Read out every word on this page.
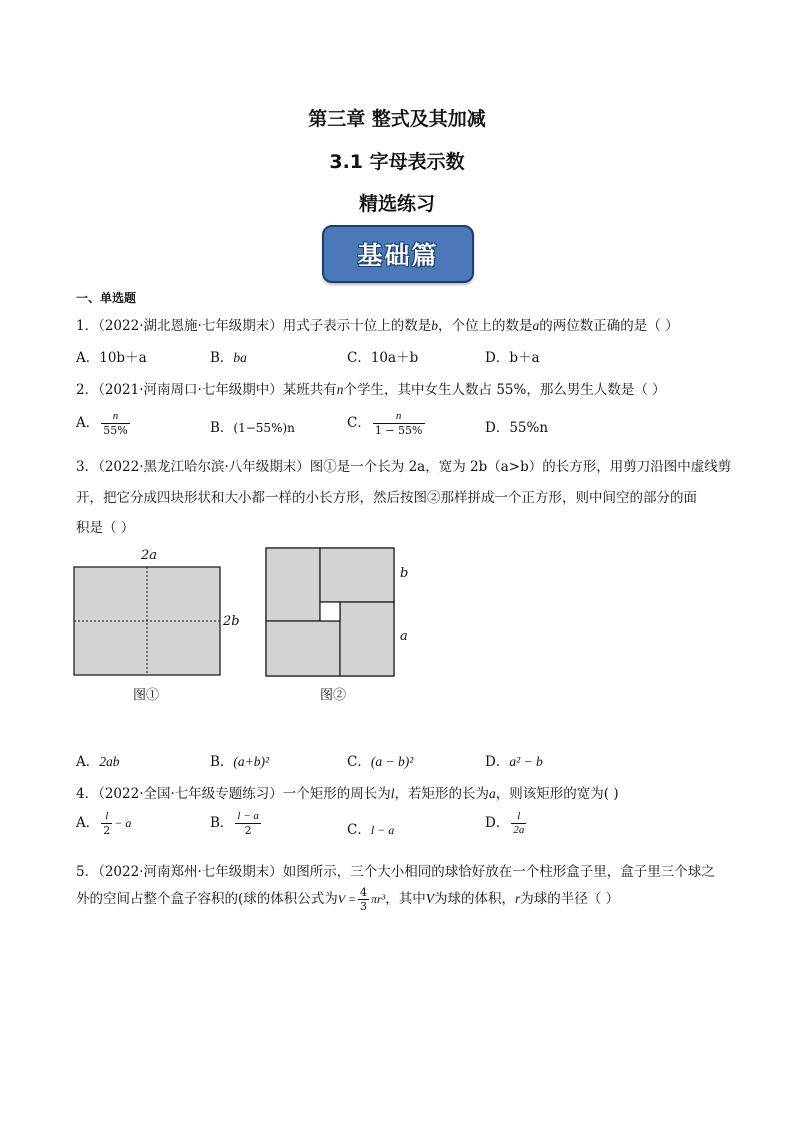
第三章 整式及其加减
3.1 字母表示数
精选练习
基础篇
一、单选题
1．（2022·湖北恩施·七年级期末）用式子表示十位上的数是b，个位上的数是a的两位数正确的是（ ）
A．10b＋a	B．ba	C．10a＋b	D．b＋a
2．（2021·河南周口·七年级期中）某班共有n个学生，其中女生人数占 55%，那么男生人数是（ ）
A． $\frac{n}{55\%}$	B．(1−55%)n	C． $\frac{n}{1 - 55\%}$	D．55%n
3．（2022·黑龙江哈尔滨·八年级期末）图①是一个长为 2a，宽为 2b（a>b）的长方形，用剪刀沿图中虚线剪
开，把它分成四块形状和大小都一样的小长方形，然后按图②那样拼成一个正方形，则中间空的部分的面
积是（ ）
2a
2b
图①
b
a
图②
A．2ab	B．(a+b)²	C．(a − b)²	D．a² − b
4．（2022·全国·七年级专题练习）一个矩形的周长为l，若矩形的长为a，则该矩形的宽为( )
A． $\frac{l}{2} - a$	B． $\frac{l - a}{2}$	C．l − a	D． $\frac{l}{2a}$
5．（2022·河南郑州·七年级期末）如图所示，三个大小相同的球恰好放在一个柱形盒子里，盒子里三个球之
外的空间占整个盒子容积的(球的体积公式为$V = \frac{4}{3} \pi r^3$，其中V为球的体积，r为球的半径（ ）
